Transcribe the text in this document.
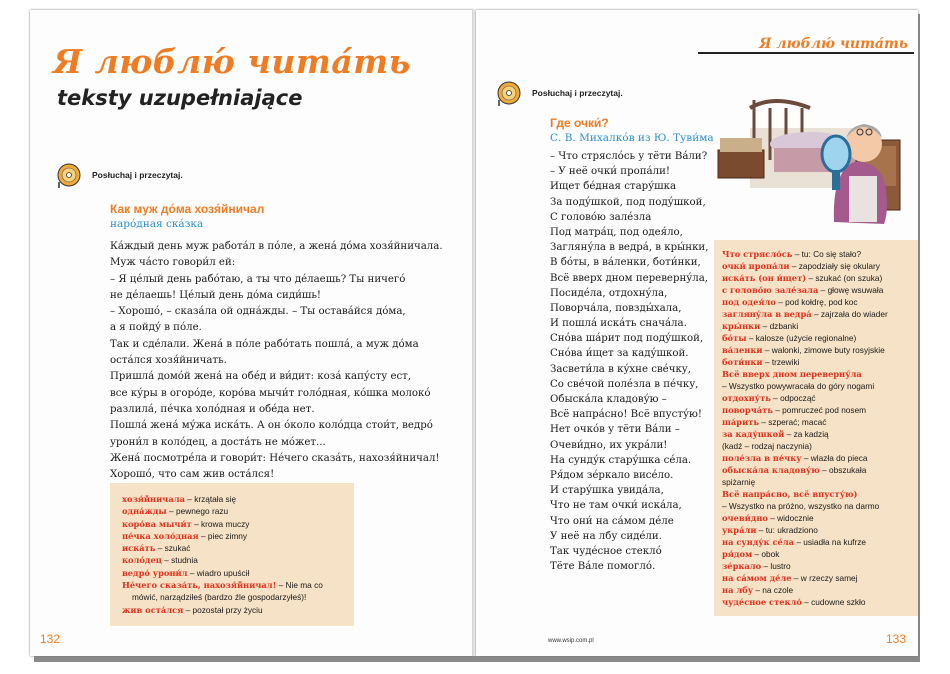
Я люблю́ чита́ть
teksty uzupełniające
Posłuchaj i przeczytaj.
Как муж до́ма хозя́йничал
наро́дная ска́зка
Ка́ждый день муж работа́л в по́ле, а жена́ до́ма хозя́йничала.
Муж ча́сто говори́л ей:
– Я це́лый день рабо́таю, а ты что де́лаешь? Ты ничего́
не де́лаешь! Це́лый день до́ма сиди́шь!
– Хорошо́, – сказа́ла ой одна́жды. – Ты остава́йся до́ма,
а я пойду́ в по́ле.
Так и сде́лали. Жена́ в по́ле рабо́тать пошла́, а муж до́ма
оста́лся хозя́йничать.
Пришла́ домо́й жена́ на обе́д и ви́дит: коза́ капу́сту ест,
все ку́ры в огоро́де, коро́ва мычи́т голо́дная, ко́шка молоко́
разлила́, пе́чка холо́дная и обе́да нет.
Пошла́ жена́ му́жа иска́ть. А он о́коло коло́дца стои́т, ведро́
урони́л в коло́дец, а доста́ть не мо́жет...
Жена́ посмотре́ла и говори́т: Не́чего сказа́ть, нахозя́йничал!
Хорошо́, что сам жив оста́лся!
хозя́йничала – krzątała się
одна́жды – pewnego razu
коро́ва мычи́т – krowa muczy
пе́чка холо́дная – piec zimny
иска́ть – szukać
коло́дец – studnia
ведро́ урони́л – wiadro upuścił
Не́чего сказа́ть, нахозя́йничал! – Nie ma co
mówić, narządziłeś (bardzo źle gospodarzyłeś)!
жив оста́лся – pozostał przy życiu
132
Я люблю́ чита́ть
Posłuchaj i przeczytaj.
Где очки́?
С. В. Михалко́в из Ю. Туви́ма
– Что стрясло́сь у тёти Ва́ли?
– У неё очки́ пропа́ли!
Ищет бе́дная стару́шка
За поду́шкой, под поду́шкой,
С голово́ю зале́зла
Под матра́ц, под одея́ло,
Загляну́ла в ведра́, в кры́нки,
В бо́ты, в ва́ленки, боти́нки,
Всё вверх дном переверну́ла,
Посиде́ла, отдохну́ла,
Поворча́ла, повзды́хала,
И пошла́ иска́ть снача́ла.
Сно́ва ша́рит под поду́шкой,
Сно́ва и́щет за каду́шкой.
Засвети́ла в ку́хне све́чку,
Со све́чой поле́зла в пе́чку,
Обыска́ла кладову́ю –
Всё напра́сно! Всё впусту́ю!
Нет очко́в у тёти Ва́ли –
Очеви́дно, их укра́ли!
На сунду́к стару́шка се́ла.
Ря́дом зе́ркало висе́ло.
И стару́шка увида́ла,
Что не там очки́ иска́ла,
Что они́ на са́мом де́ле
У неё на лбу сиде́ли.
Так чуде́сное стекло́
Тёте Ва́ле помогло́.
Что стрясло́сь – tu: Co się stało?
очки́ пропа́ли – zapodziały się okulary
иска́ть (он и́щет) – szukać (on szuka)
с голово́ю зале́зала – głowę wsuwała
под одея́ло – pod kołdrę, pod koc
загляну́ла в ведра́ – zajrzała do wiader
кры́нки – dzbanki
бо́ты – kalosze (użycie regionalne)
ва́ленки – walonki, zimowe buty rosyjskie
боти́нки – trzewiki
Всё вверх дном переверну́ла
– Wszystko powywracała do góry nogami
отдохну́ть – odpocząć
поворча́ть – pomruczeć pod nosem
ша́рить – szperać; macać
за каду́шкой – za kadzią
(kadź – rodzaj naczynia)
поле́зла в пе́чку – wlazła do pieca
обыска́ла кладову́ю – obszukała
spiżarnię
Всё напра́сно, всё впусту́ю)
– Wszystko na próżno, wszystko na darmo
очеви́дно – widocznie
укра́ли – tu: ukradziono
на сунду́к се́ла – usiadła na kufrze
ря́дом – obok
зе́ркало – lustro
на са́мом де́ле – w rzeczy samej
на лбу – na czole
чуде́сное стекло́ – cudowne szkło
www.wsip.com.pl	133
